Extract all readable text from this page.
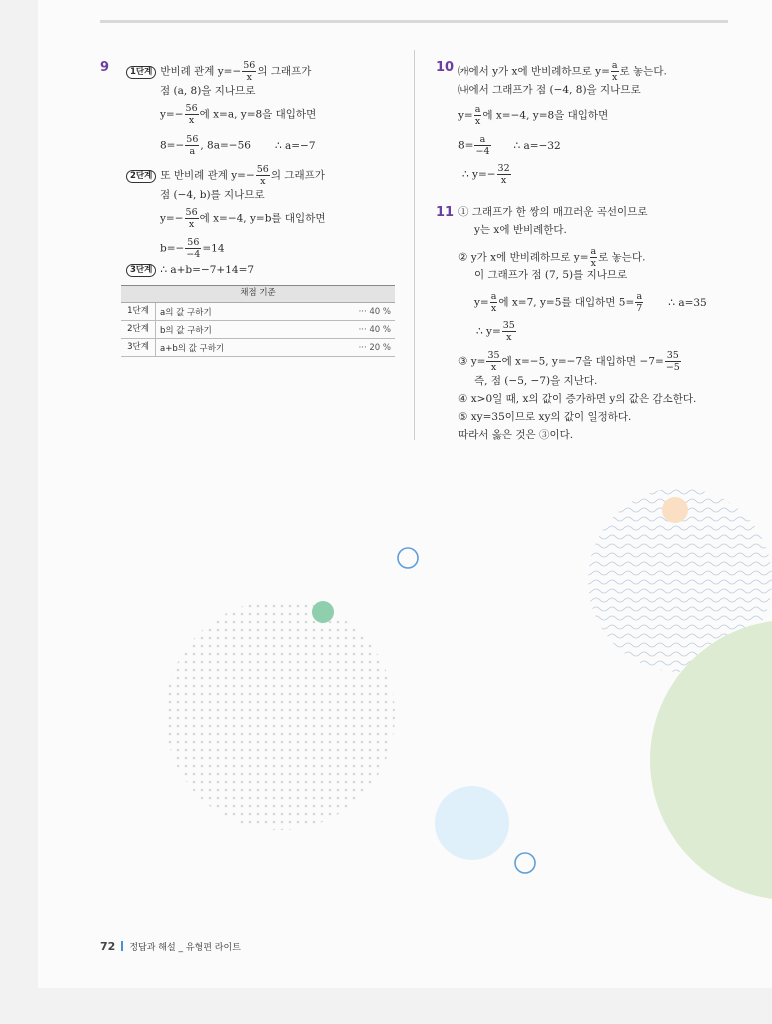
9	1단계 반비례 관계 $y=- \frac{56}{x}$ 의 그래프가
점 (a, 8)을 지나므로
$y=- \frac{56}{x}$ 에 x=a, y=8을 대입하면
$8=- \frac{56}{a}$ , 8a=−56 ∴ a=−7
2단계 또 반비례 관계 $y=- \frac{56}{x}$ 의 그래프가
점 (−4, b)를 지나므로
$y=- \frac{56}{x}$ 에 x=−4, y=b를 대입하면
$b=- \frac{56}{-4} =14$
3단계 ∴ a+b=−7+14=7
채점 기준
1단계	a의 값 구하기	··· 40 %
2단계	b의 값 구하기	··· 40 %
3단계	a+b의 값 구하기	··· 20 %
10 ㈎에서 y가 x에 반비례하므로 $y= \frac{a}{x}$ 로 놓는다.
㈏에서 그래프가 점 (−4, 8)을 지나므로
$y= \frac{a}{x}$ 에 x=−4, y=8을 대입하면
$8= \frac{a}{-4}$ ∴ a=−32
∴ $y=- \frac{32}{x}$
11 ① 그래프가 한 쌍의 매끄러운 곡선이므로
y는 x에 반비례한다.
② y가 x에 반비례하므로 $y= \frac{a}{x}$ 로 놓는다.
이 그래프가 점 (7, 5)를 지나므로
$y= \frac{a}{x}$ 에 x=7, y=5를 대입하면 $5= \frac{a}{7}$ ∴ a=35
∴ $y= \frac{35}{x}$
③ $y= \frac{35}{x}$ 에 x=−5, y=−7을 대입하면 $-7= \frac{35}{-5}$
즉, 점 (−5, −7)을 지난다.
④ x>0일 때, x의 값이 증가하면 y의 값은 감소한다.
⑤ xy=35이므로 xy의 값이 일정하다.
따라서 옳은 것은 ③이다.
72 정답과 해설 _ 유형편 라이트
